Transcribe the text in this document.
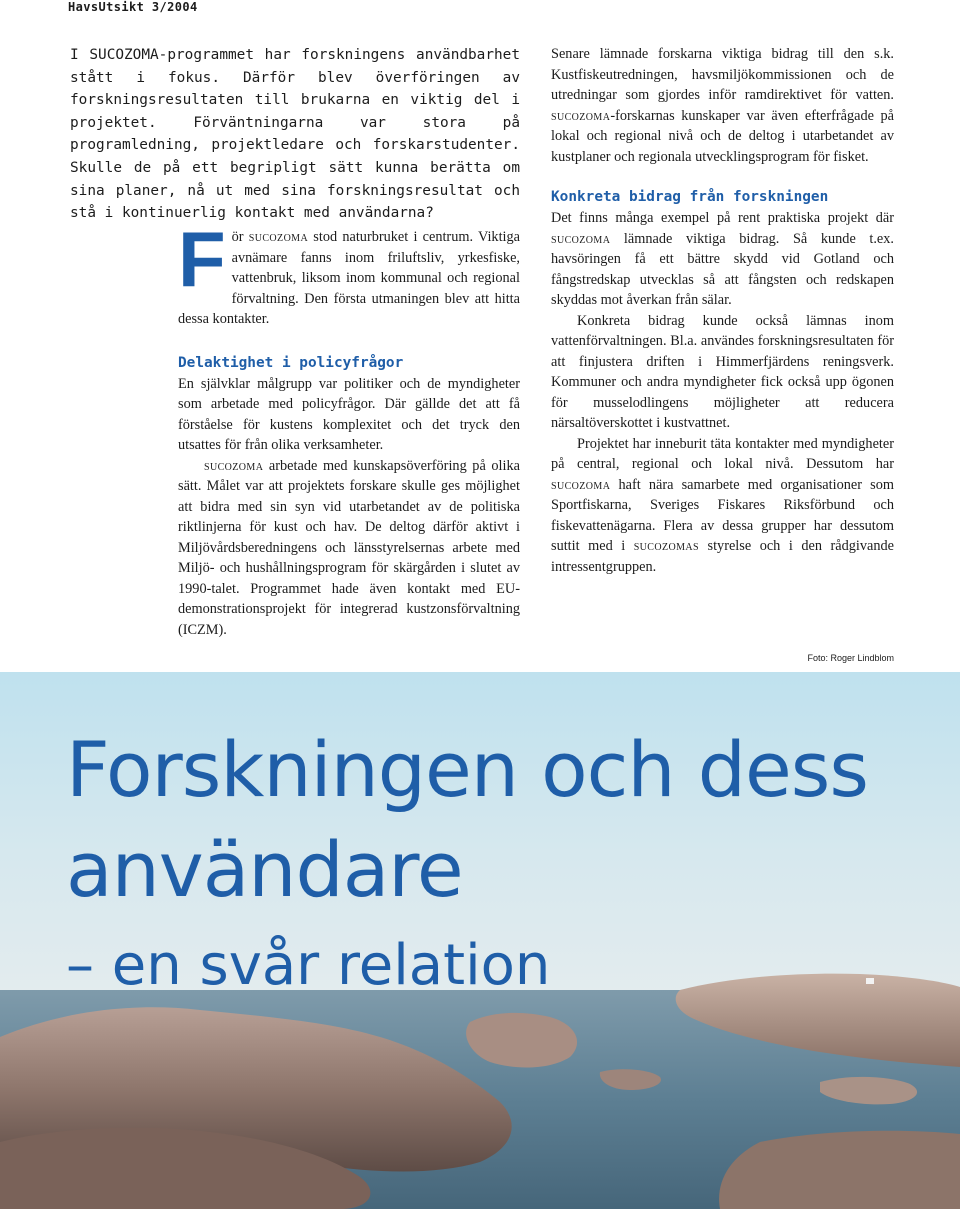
HavsUtsikt 3/2004

I SUCOZOMA-programmet har forskningens användbarhet stått i fokus. Därför blev överföringen av forskningsresultaten till brukarna en viktig del i projektet. Förväntningarna var stora på programledning, projektledare och forskarstudenter. Skulle de på ett begripligt sätt kunna berätta om sina planer, nå ut med sina forskningsresultat och stå i kontinuerlig kontakt med användarna?

För sucozoma stod naturbruket i centrum. Viktiga avnämare fanns inom friluftsliv, yrkesfiske, vattenbruk, liksom inom kommunal och regional förvaltning. Den första utmaningen blev att hitta dessa kontakter.

Delaktighet i policyfrågor

En självklar målgrupp var politiker och de myndigheter som arbetade med policyfrågor. Där gällde det att få förståelse för kustens komplexitet och det tryck den utsattes för från olika verksamheter.

sucozoma arbetade med kunskapsöverföring på olika sätt. Målet var att projektets forskare skulle ges möjlighet att bidra med sin syn vid utarbetandet av de politiska riktlinjerna för kust och hav. De deltog därför aktivt i Miljövårdsberedningens och länsstyrelsernas arbete med Miljö- och hushållningsprogram för skärgården i slutet av 1990-talet. Programmet hade även kontakt med EU-demonstrationsprojekt för integrerad kustzonsförvaltning (ICZM).

Senare lämnade forskarna viktiga bidrag till den s.k. Kustfiskeutredningen, havsmiljökommissionen och de utredningar som gjordes inför ramdirektivet för vatten. sucozoma-forskarnas kunskaper var även efterfrågade på lokal och regional nivå och de deltog i utarbetandet av kustplaner och regionala utvecklingsprogram för fisket.

Konkreta bidrag från forskningen

Det finns många exempel på rent praktiska projekt där sucozoma lämnade viktiga bidrag. Så kunde t.ex. havsöringen få ett bättre skydd vid Gotland och fångstredskap utvecklas så att fångsten och redskapen skyddas mot åverkan från sälar.

Konkreta bidrag kunde också lämnas inom vattenförvaltningen. Bl.a. användes forskningsresultaten för att finjustera driften i Himmerfjärdens reningsverk. Kommuner och andra myndigheter fick också upp ögonen för musselodlingens möjligheter att reducera närsaltöverskottet i kustvattnet.

Projektet har inneburit täta kontakter med myndigheter på central, regional och lokal nivå. Dessutom har sucozoma haft nära samarbete med organisationer som Sportfiskarna, Sveriges Fiskares Riksförbund och fiskevattenägarna. Flera av dessa grupper har dessutom suttit med i sucozomas styrelse och i den rådgivande intressentgruppen.

Foto: Roger Lindblom
Forskningen och dess
användare
– en svår relation
